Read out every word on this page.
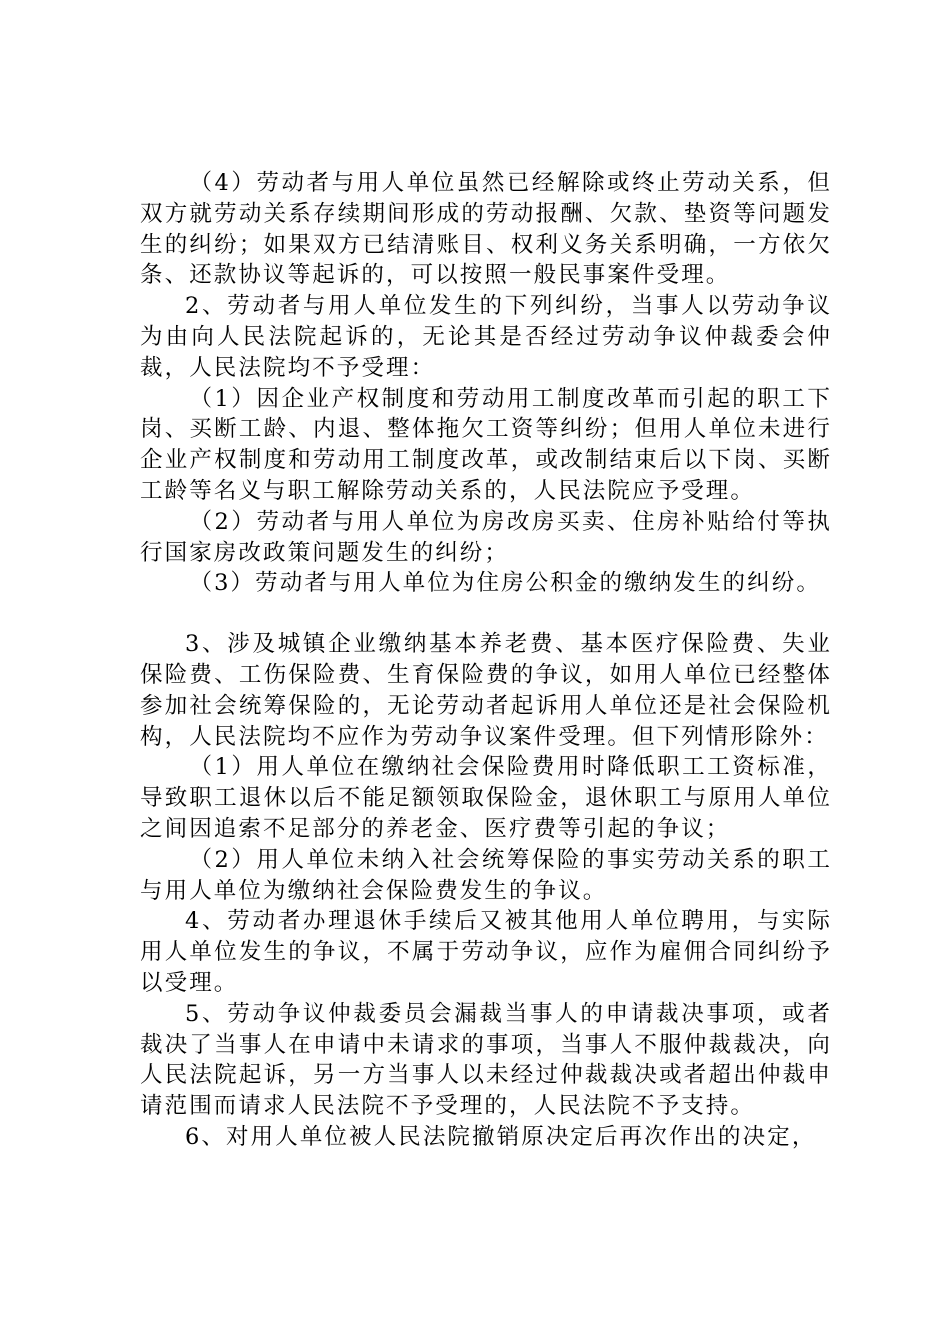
（4）劳动者与用人单位虽然已经解除或终止劳动关系，但双方就劳动关系存续期间形成的劳动报酬、欠款、垫资等问题发生的纠纷；如果双方已结清账目、权利义务关系明确，一方依欠条、还款协议等起诉的，可以按照一般民事案件受理。

2、劳动者与用人单位发生的下列纠纷，当事人以劳动争议为由向人民法院起诉的，无论其是否经过劳动争议仲裁委会仲裁，人民法院均不予受理：

（1）因企业产权制度和劳动用工制度改革而引起的职工下岗、买断工龄、内退、整体拖欠工资等纠纷；但用人单位未进行企业产权制度和劳动用工制度改革，或改制结束后以下岗、买断工龄等名义与职工解除劳动关系的，人民法院应予受理。

（2）劳动者与用人单位为房改房买卖、住房补贴给付等执行国家房改政策问题发生的纠纷；

（3）劳动者与用人单位为住房公积金的缴纳发生的纠纷。

3、涉及城镇企业缴纳基本养老费、基本医疗保险费、失业保险费、工伤保险费、生育保险费的争议，如用人单位已经整体参加社会统筹保险的，无论劳动者起诉用人单位还是社会保险机构，人民法院均不应作为劳动争议案件受理。但下列情形除外：

（1）用人单位在缴纳社会保险费用时降低职工工资标准，导致职工退休以后不能足额领取保险金，退休职工与原用人单位之间因追索不足部分的养老金、医疗费等引起的争议；

（2）用人单位未纳入社会统筹保险的事实劳动关系的职工与用人单位为缴纳社会保险费发生的争议。

4、劳动者办理退休手续后又被其他用人单位聘用，与实际用人单位发生的争议，不属于劳动争议，应作为雇佣合同纠纷予以受理。

5、劳动争议仲裁委员会漏裁当事人的申请裁决事项，或者裁决了当事人在申请中未请求的事项，当事人不服仲裁裁决，向人民法院起诉，另一方当事人以未经过仲裁裁决或者超出仲裁申请范围而请求人民法院不予受理的，人民法院不予支持。

6、对用人单位被人民法院撤销原决定后再次作出的决定，
